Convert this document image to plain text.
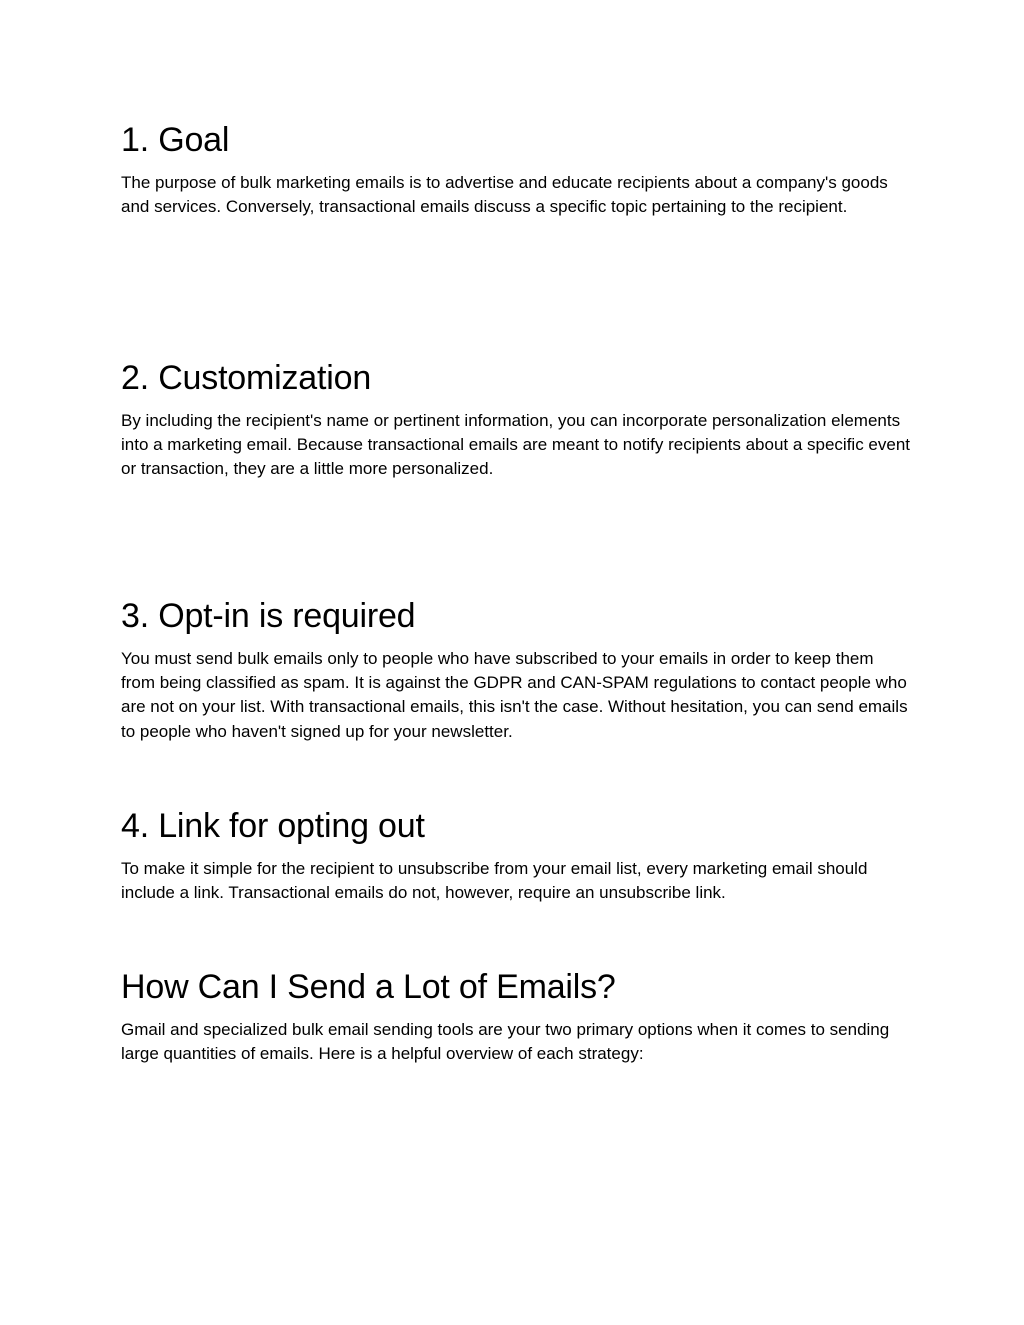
1. Goal

The purpose of bulk marketing emails is to advertise and educate recipients about a company's goods and services. Conversely, transactional emails discuss a specific topic pertaining to the recipient.

2. Customization

By including the recipient's name or pertinent information, you can incorporate personalization elements into a marketing email. Because transactional emails are meant to notify recipients about a specific event or transaction, they are a little more personalized.

3. Opt-in is required

You must send bulk emails only to people who have subscribed to your emails in order to keep them from being classified as spam. It is against the GDPR and CAN-SPAM regulations to contact people who are not on your list. With transactional emails, this isn't the case. Without hesitation, you can send emails to people who haven't signed up for your newsletter.

4. Link for opting out

To make it simple for the recipient to unsubscribe from your email list, every marketing email should include a link. Transactional emails do not, however, require an unsubscribe link.

How Can I Send a Lot of Emails?

Gmail and specialized bulk email sending tools are your two primary options when it comes to sending large quantities of emails. Here is a helpful overview of each strategy:
